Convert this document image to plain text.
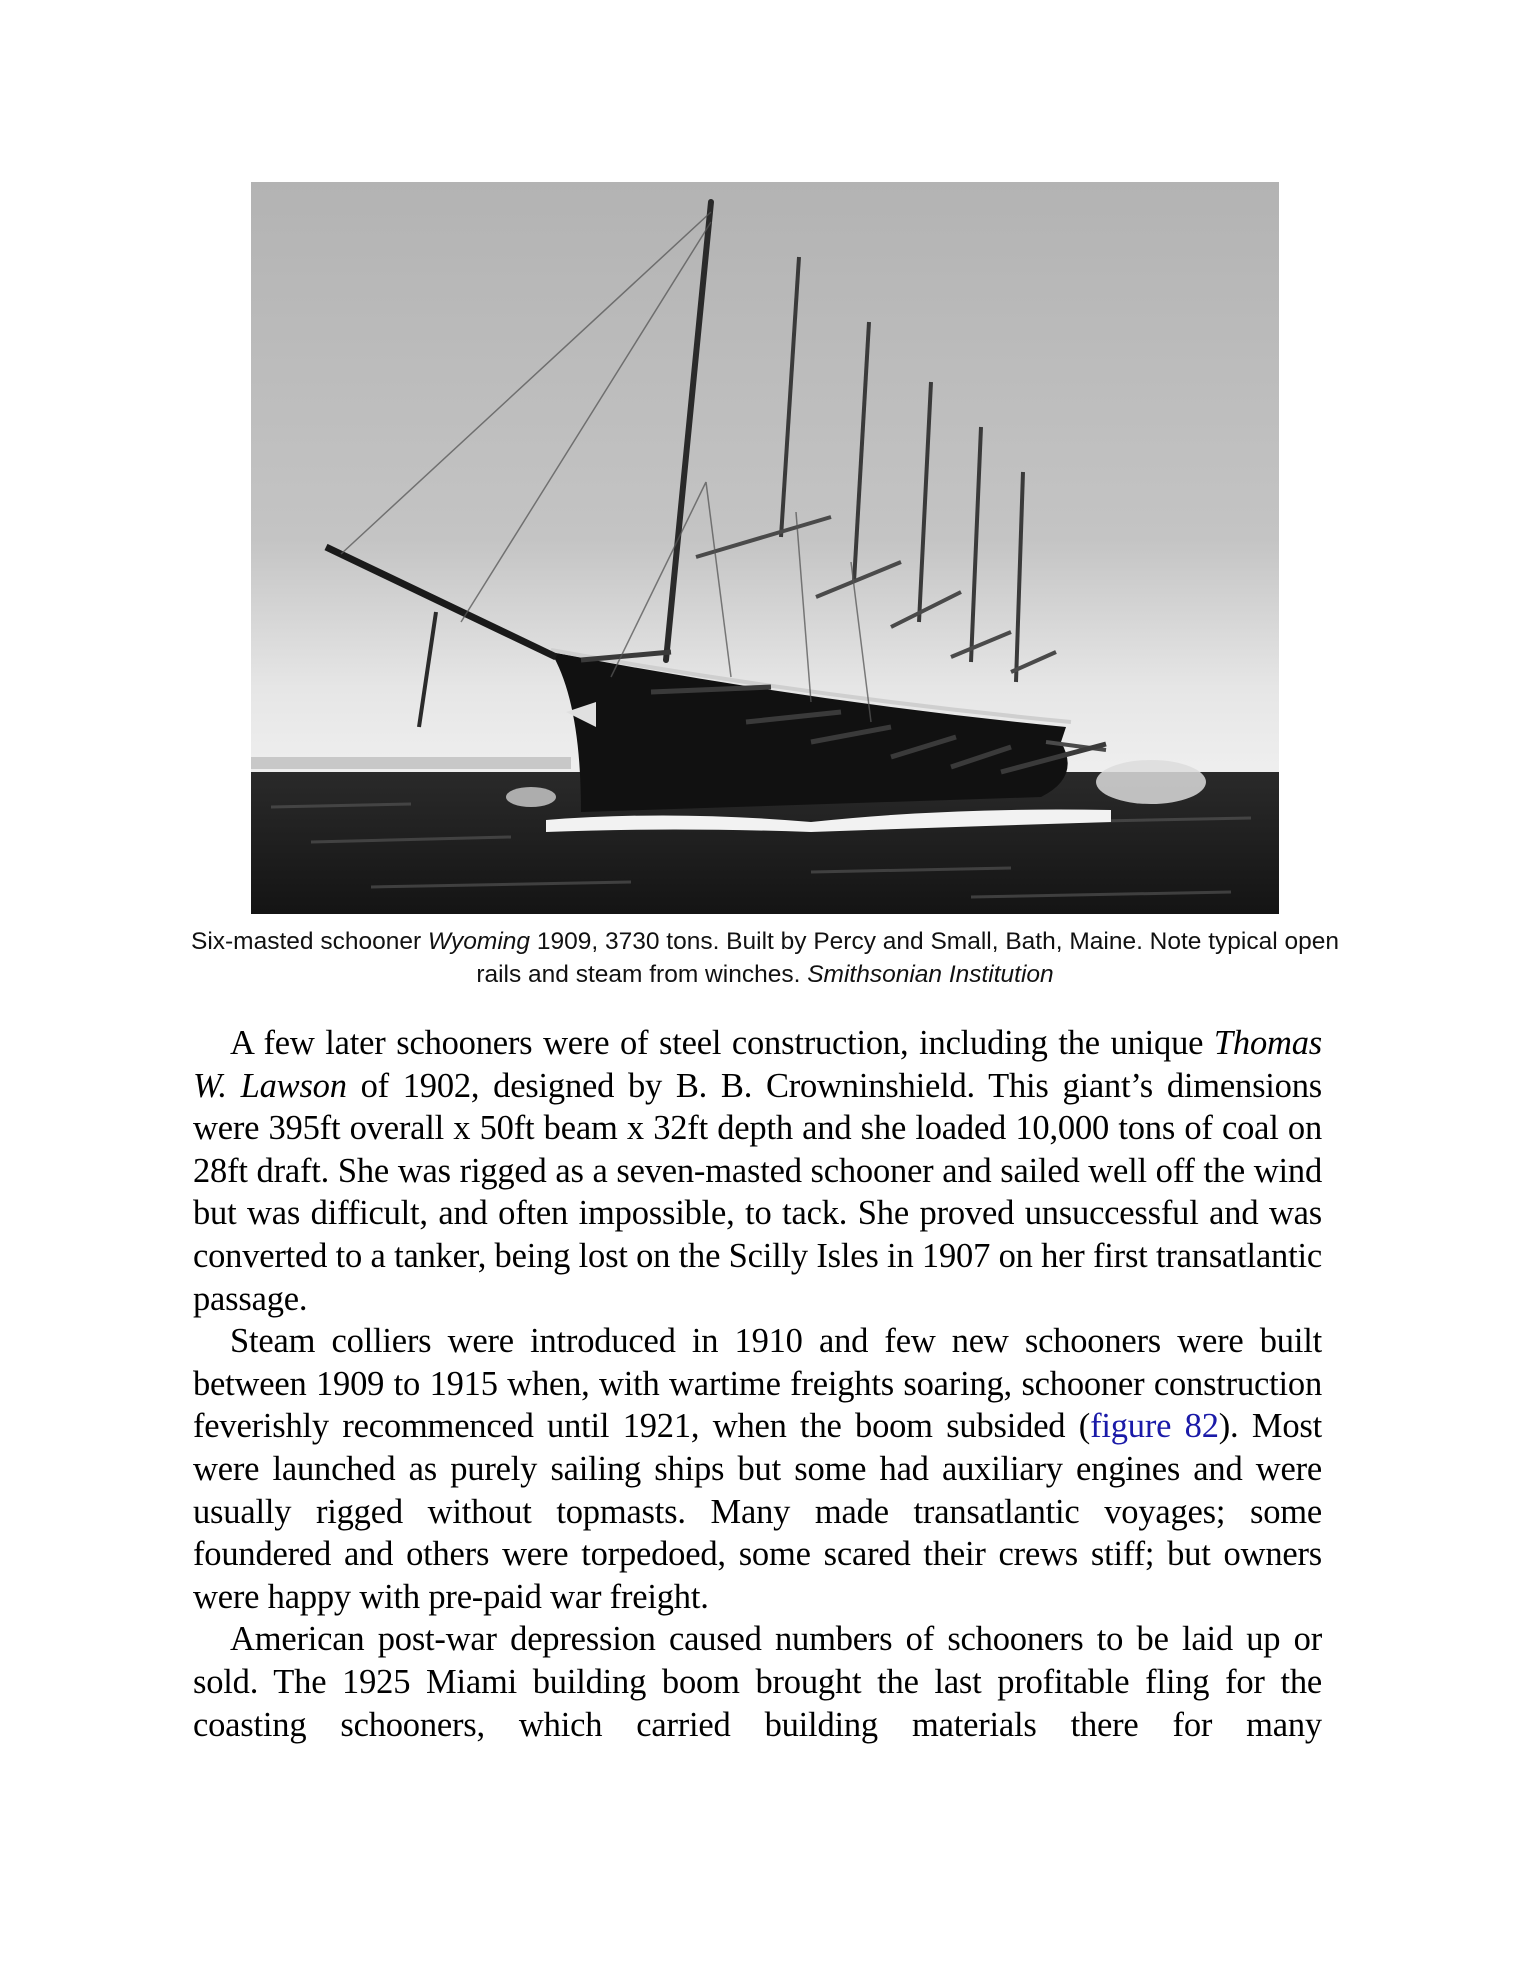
Six-masted schooner Wyoming 1909, 3730 tons. Built by Percy and Small, Bath, Maine. Note typical open rails and steam from winches. Smithsonian Institution

A few later schooners were of steel construction, including the unique Thomas W. Lawson of 1902, designed by B. B. Crowninshield. This giant’s dimensions were 395ft overall x 50ft beam x 32ft depth and she loaded 10,000 tons of coal on 28ft draft. She was rigged as a seven-masted schooner and sailed well off the wind but was difficult, and often impossible, to tack. She proved unsuccessful and was converted to a tanker, being lost on the Scilly Isles in 1907 on her first transatlantic passage.

Steam colliers were introduced in 1910 and few new schooners were built between 1909 to 1915 when, with wartime freights soaring, schooner construction feverishly recommenced until 1921, when the boom subsided (figure 82). Most were launched as purely sailing ships but some had auxiliary engines and were usually rigged without topmasts. Many made transatlantic voyages; some foundered and others were torpedoed, some scared their crews stiff; but owners were happy with pre-paid war freight.

American post-war depression caused numbers of schooners to be laid up or sold. The 1925 Miami building boom brought the last profitable fling for the coasting schooners, which carried building materials there for many
